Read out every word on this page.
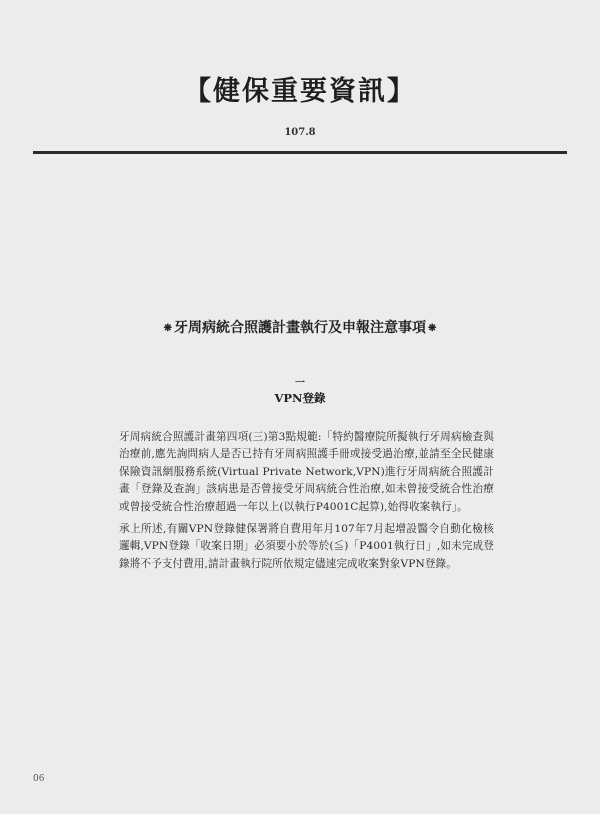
【健保重要資訊】
107.8
❋ 牙周病統合照護計畫執行及申報注意事項 ❋
一
VPN登錄

牙周病統合照護計畫第四項(三)第3點規範:「特約醫療院所擬執行牙周病檢查與治療前,應先詢問病人是否已持有牙周病照護手冊或接受過治療,並請至全民健康保險資訊網服務系統(Virtual Private Network,VPN)進行牙周病統合照護計畫「登錄及查詢」該病患是否曾接受牙周病統合性治療,如未曾接受統合性治療或曾接受統合性治療超過一年以上(以執行P4001C起算),始得收案執行」。

承上所述,有關VPN登錄健保署將自費用年月107年7月起增設醫令自動化檢核邏輯,VPN登錄「收案日期」必須要小於等於(≦)「P4001執行日」,如未完成登錄將不予支付費用,請計畫執行院所依規定儘速完成收案對象VPN登錄。

06
